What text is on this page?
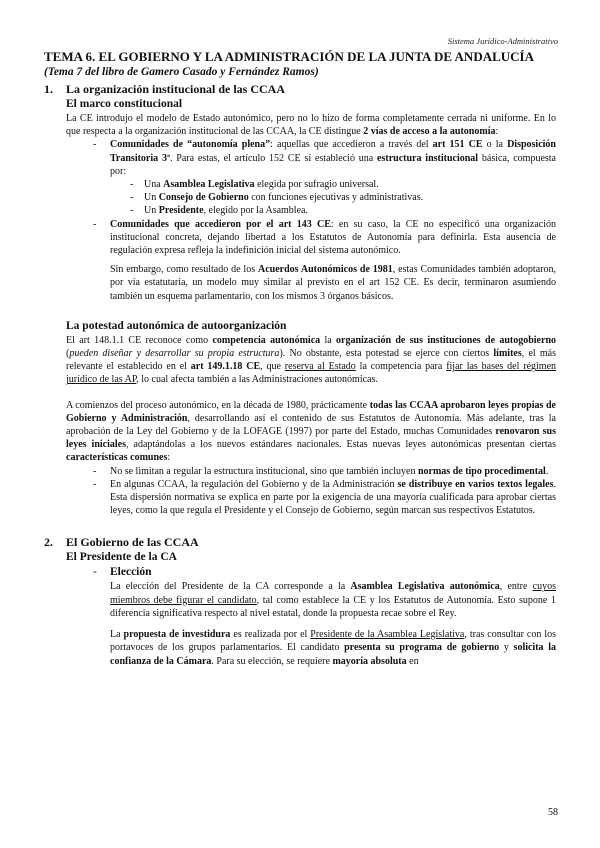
Sistema Jurídico-Administrativo

TEMA 6. EL GOBIERNO Y LA ADMINISTRACIÓN DE LA JUNTA DE ANDALUCÍA

(Tema 7 del libro de Gamero Casado y Fernández Ramos)

1. La organización institucional de las CCAA

El marco constitucional

La CE introdujo el modelo de Estado autonómico, pero no lo hizo de forma completamente cerrada ni uniforme. En lo que respecta a la organización institucional de las CCAA, la CE distingue 2 vías de acceso a la autonomía:

- Comunidades de “autonomía plena”: aquellas que accedieron a través del art 151 CE o la Disposición Transitoria 3ª. Para estas, el artículo 152 CE sí estableció una estructura institucional básica, compuesta por:

- Una Asamblea Legislativa elegida por sufragio universal.

- Un Consejo de Gobierno con funciones ejecutivas y administrativas.

- Un Presidente, elegido por la Asamblea.

- Comunidades que accedieron por el art 143 CE: en su caso, la CE no especificó una organización institucional concreta, dejando libertad a los Estatutos de Autonomía para definirla. Esta ausencia de regulación expresa refleja la indefinición inicial del sistema autonómico.

Sin embargo, como resultado de los Acuerdos Autonómicos de 1981, estas Comunidades también adoptaron, por vía estatutaria, un modelo muy similar al previsto en el art 152 CE. Es decir, terminaron asumiendo también un esquema parlamentario, con los mismos 3 órganos básicos.

La potestad autonómica de autoorganización

El art 148.1.1 CE reconoce como competencia autonómica la organización de sus instituciones de autogobierno (pueden diseñar y desarrollar su propia estructura). No obstante, esta potestad se ejerce con ciertos límites, el más relevante el establecido en el art 149.1.18 CE, que reserva al Estado la competencia para fijar las bases del régimen jurídico de las AP, lo cual afecta también a las Administraciones autonómicas.

A comienzos del proceso autonómico, en la década de 1980, prácticamente todas las CCAA aprobaron leyes propias de Gobierno y Administración, desarrollando así el contenido de sus Estatutos de Autonomía. Más adelante, tras la aprobación de la Ley del Gobierno y de la LOFAGE (1997) por parte del Estado, muchas Comunidades renovaron sus leyes iniciales, adaptándolas a los nuevos estándares nacionales. Estas nuevas leyes autonómicas presentan ciertas características comunes:

- No se limitan a regular la estructura institucional, sino que también incluyen normas de tipo procedimental.

- En algunas CCAA, la regulación del Gobierno y de la Administración se distribuye en varios textos legales. Esta dispersión normativa se explica en parte por la exigencia de una mayoría cualificada para aprobar ciertas leyes, como la que regula el Presidente y el Consejo de Gobierno, según marcan sus respectivos Estatutos.

2. El Gobierno de las CCAA

El Presidente de la CA

- Elección

La elección del Presidente de la CA corresponde a la Asamblea Legislativa autonómica, entre cuyos miembros debe figurar el candidato, tal como establece la CE y los Estatutos de Autonomía. Esto supone 1 diferencia significativa respecto al nivel estatal, donde la propuesta recae sobre el Rey.

La propuesta de investidura es realizada por el Presidente de la Asamblea Legislativa, tras consultar con los portavoces de los grupos parlamentarios. El candidato presenta su programa de gobierno y solicita la confianza de la Cámara. Para su elección, se requiere mayoría absoluta en

58
